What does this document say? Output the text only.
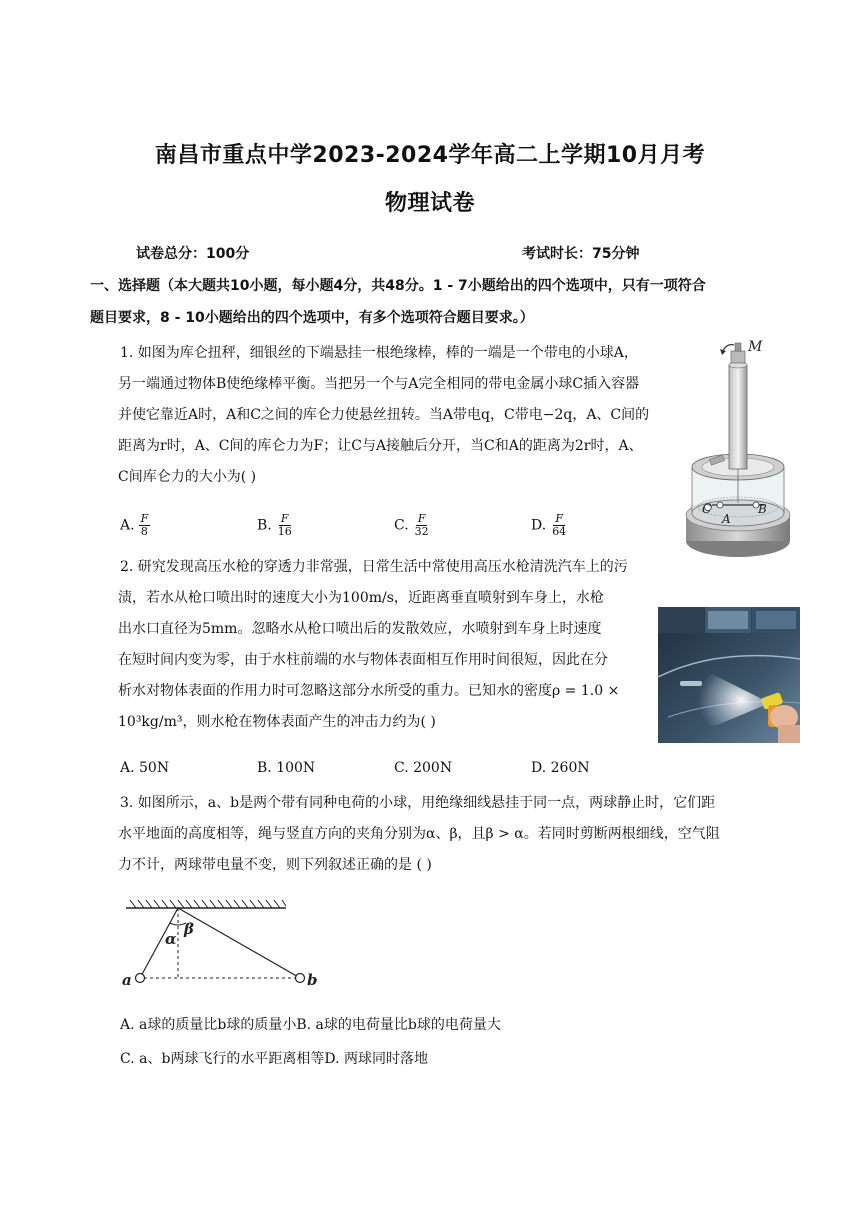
南昌市重点中学2023-2024学年高二上学期10月月考
物理试卷
试卷总分：100分	考试时长：75分钟
一、选择题（本大题共10小题，每小题4分，共48分。1 - 7小题给出的四个选项中，只有一项符合
题目要求，8 - 10小题给出的四个选项中，有多个选项符合题目要求。）
1. 如图为库仑扭秤，细银丝的下端悬挂一根绝缘棒，棒的一端是一个带电的小球A，
另一端通过物体B使绝缘棒平衡。当把另一个与A完全相同的带电金属小球C插入容器
并使它靠近A时，A和C之间的库仑力使悬丝扭转。当A带电q，C带电−2q，A、C间的
距离为r时，A、C间的库仑力为F；让C与A接触后分开，当C和A的距离为2r时，A、
C间库仑力的大小为( )
A. $\frac{F}{8}$	B. $\frac{F}{16}$	C. $\frac{F}{32}$	D. $\frac{F}{64}$
M
C
A
B
2. 研究发现高压水枪的穿透力非常强，日常生活中常使用高压水枪清洗汽车上的污
渍，若水从枪口喷出时的速度大小为100m/s，近距离垂直喷射到车身上，水枪
出水口直径为5mm。忽略水从枪口喷出后的发散效应，水喷射到车身上时速度
在短时间内变为零，由于水柱前端的水与物体表面相互作用时间很短，因此在分
析水对物体表面的作用力时可忽略这部分水所受的重力。已知水的密度ρ = 1.0 ×
10³kg/m³，则水枪在物体表面产生的冲击力约为( )
A. 50N	B. 100N	C. 200N	D. 260N
3. 如图所示，a、b是两个带有同种电荷的小球，用绝缘细线悬挂于同一点，两球静止时，它们距
水平地面的高度相等，绳与竖直方向的夹角分别为α、β，且β > α。若同时剪断两根细线，空气阻
力不计，两球带电量不变，则下列叙述正确的是 ( )
α
β
a	b
A. a球的质量比b球的质量小B. a球的电荷量比b球的电荷量大
C. a、b两球飞行的水平距离相等D. 两球同时落地
